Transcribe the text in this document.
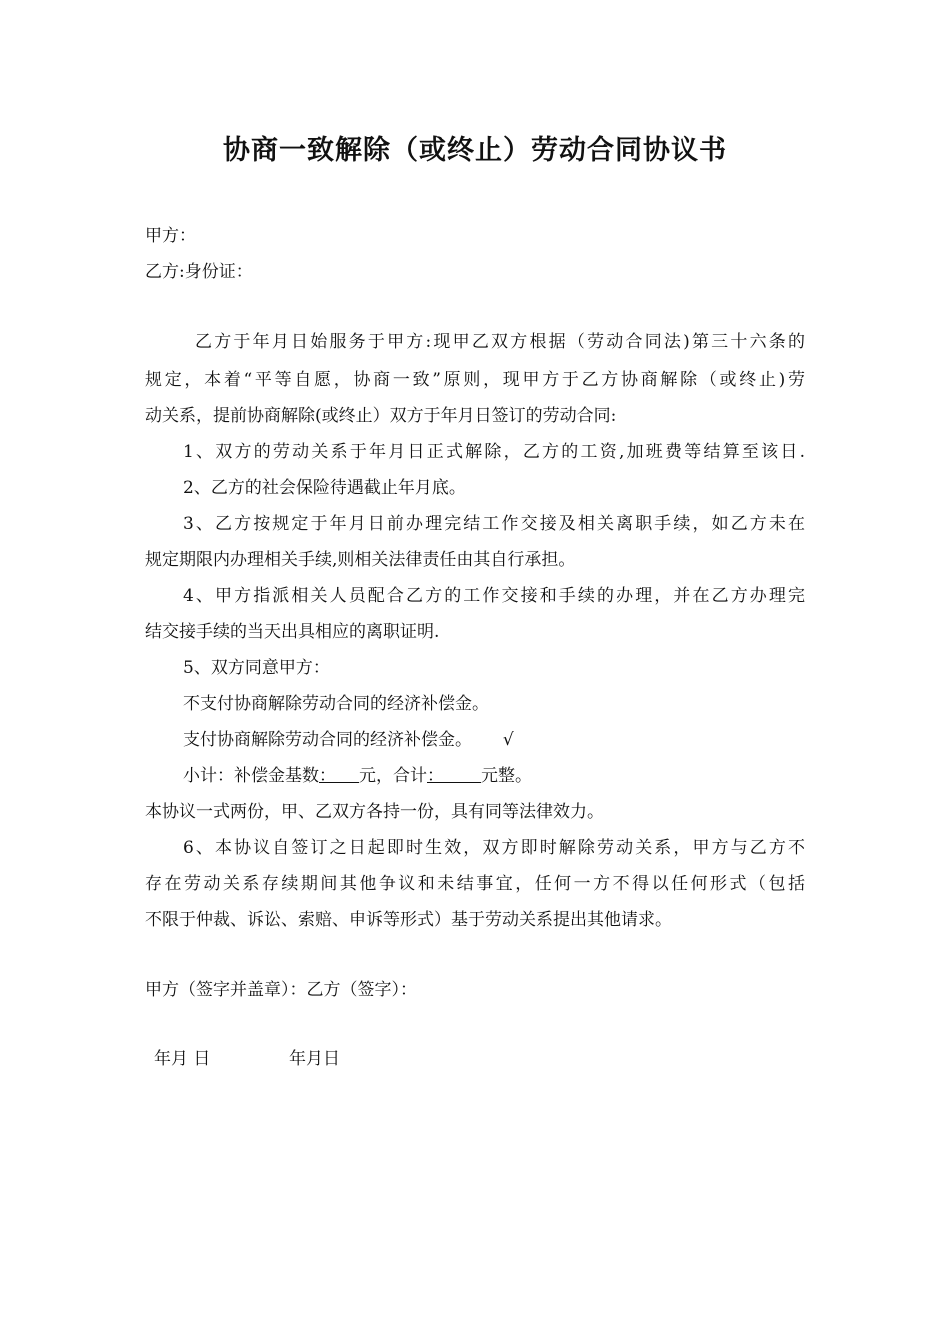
协商一致解除（或终止）劳动合同协议书
甲方：
乙方:身份证：
乙方于年月日始服务于甲方:现甲乙双方根据（劳动合同法)第三十六条的
规定，本着“平等自愿，协商一致”原则，现甲方于乙方协商解除（或终止)劳
动关系，提前协商解除(或终止）双方于年月日签订的劳动合同:
1、双方的劳动关系于年月日正式解除，乙方的工资,加班费等结算至该日.
2、乙方的社会保险待遇截止年月底。
3、乙方按规定于年月日前办理完结工作交接及相关离职手续，如乙方未在
规定期限内办理相关手续,则相关法律责任由其自行承担。
4、甲方指派相关人员配合乙方的工作交接和手续的办理，并在乙方办理完
结交接手续的当天出具相应的离职证明.
5、双方同意甲方：
不支付协商解除劳动合同的经济补偿金。
支付协商解除劳动合同的经济补偿金。 √
小计：补偿金基数： 元，合计： 元整。
本协议一式两份，甲、乙双方各持一份，具有同等法律效力。
6、本协议自签订之日起即时生效，双方即时解除劳动关系，甲方与乙方不
存在劳动关系存续期间其他争议和未结事宜，任何一方不得以任何形式（包括
不限于仲裁、诉讼、索赔、申诉等形式）基于劳动关系提出其他请求。
甲方（签字并盖章）：乙方（签字）：
年月 日	年月日
